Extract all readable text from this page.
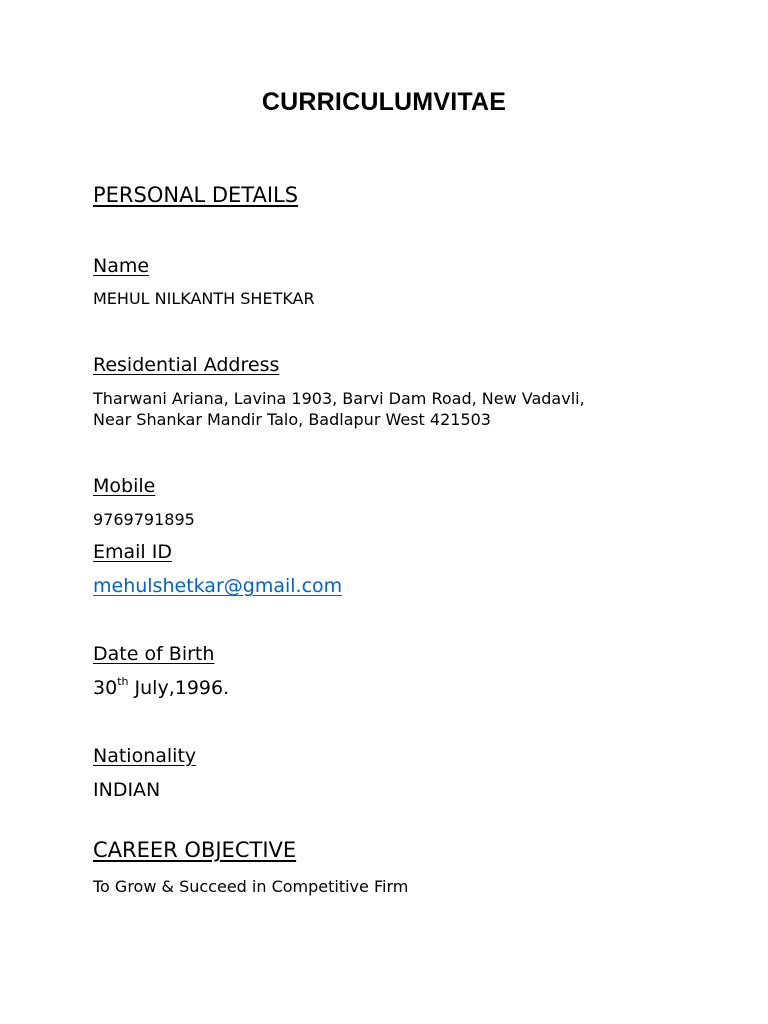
CURRICULUMVITAE
PERSONAL DETAILS
Name
MEHUL NILKANTH SHETKAR
Residential Address
Tharwani Ariana, Lavina 1903, Barvi Dam Road, New Vadavli,
Near Shankar Mandir Talo, Badlapur West 421503
Mobile
9769791895
Email ID
mehulshetkar@gmail.com
Date of Birth
30th July,1996.
Nationality
INDIAN
CAREER OBJECTIVE
To Grow & Succeed in Competitive Firm
